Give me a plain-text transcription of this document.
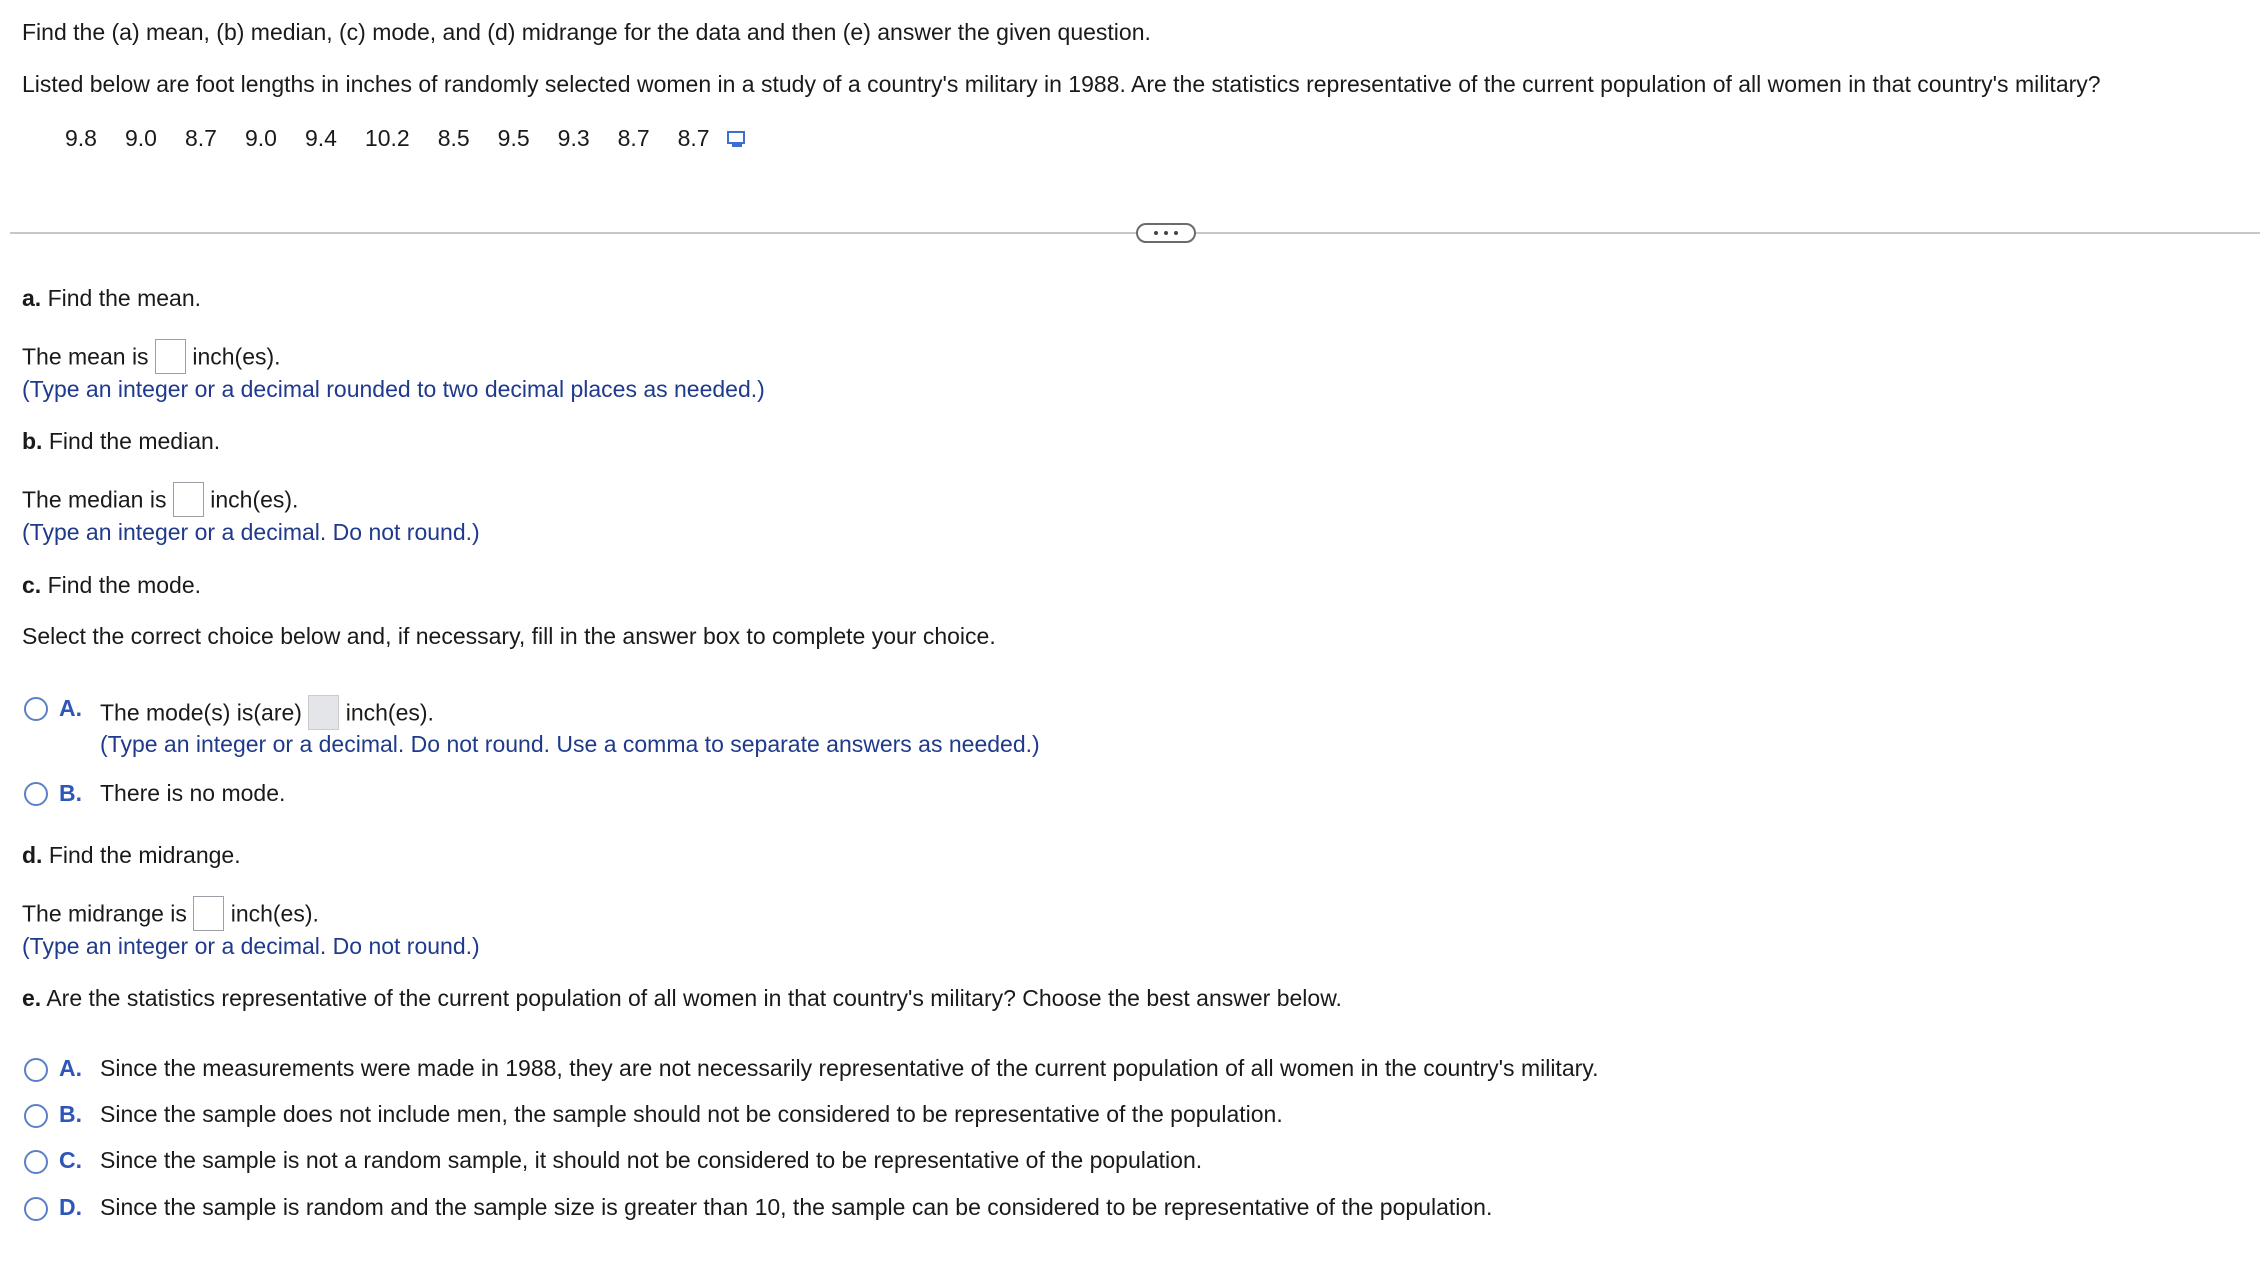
Find the (a) mean, (b) median, (c) mode, and (d) midrange for the data and then (e) answer the given question.
Listed below are foot lengths in inches of randomly selected women in a study of a country's military in 1988. Are the statistics representative of the current population of all women in that country's military?
9.8 9.0 8.7 9.0 9.4 10.2 8.5 9.5 9.3 8.7 8.7
a. Find the mean.
The mean is inch(es).
(Type an integer or a decimal rounded to two decimal places as needed.)
b. Find the median.
The median is inch(es).
(Type an integer or a decimal. Do not round.)
c. Find the mode.
Select the correct choice below and, if necessary, fill in the answer box to complete your choice.
A. The mode(s) is(are) inch(es).
(Type an integer or a decimal. Do not round. Use a comma to separate answers as needed.)
B. There is no mode.
d. Find the midrange.
The midrange is inch(es).
(Type an integer or a decimal. Do not round.)
e. Are the statistics representative of the current population of all women in that country's military? Choose the best answer below.
A. Since the measurements were made in 1988, they are not necessarily representative of the current population of all women in the country's military.
B. Since the sample does not include men, the sample should not be considered to be representative of the population.
C. Since the sample is not a random sample, it should not be considered to be representative of the population.
D. Since the sample is random and the sample size is greater than 10, the sample can be considered to be representative of the population.
